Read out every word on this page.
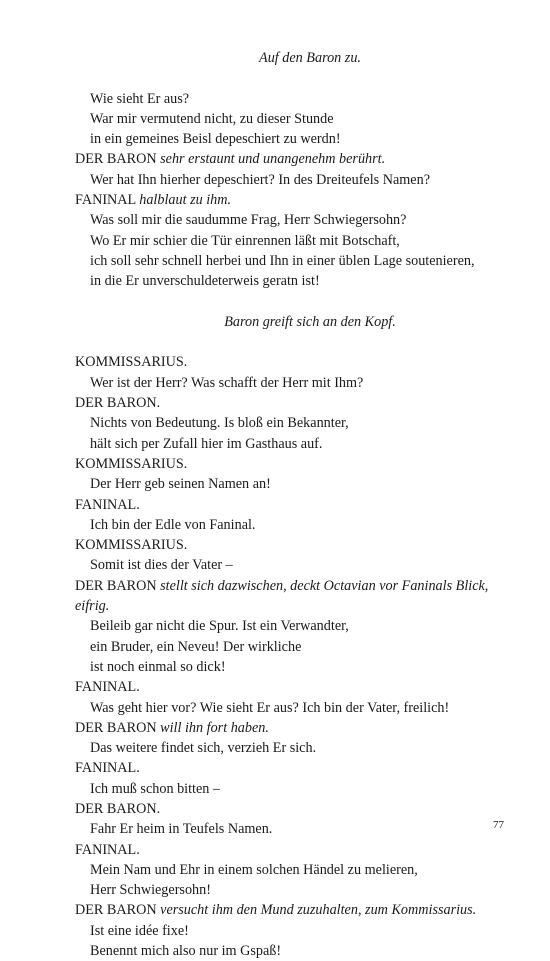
Auf den Baron zu.
Wie sieht Er aus?
War mir vermutend nicht, zu dieser Stunde
in ein gemeines Beisl depeschiert zu werdn!
DER BARON sehr erstaunt und unangenehm berührt.
Wer hat Ihn hierher depeschiert? In des Dreiteufels Namen?
FANINAL halblaut zu ihm.
Was soll mir die saudumme Frag, Herr Schwiegersohn?
Wo Er mir schier die Tür einrennen läßt mit Botschaft,
ich soll sehr schnell herbei und Ihn in einer üblen Lage soutenieren,
in die Er unverschuldeterweis geratn ist!
Baron greift sich an den Kopf.
KOMMISSARIUS.
Wer ist der Herr? Was schafft der Herr mit Ihm?
DER BARON.
Nichts von Bedeutung. Is bloß ein Bekannter,
hält sich per Zufall hier im Gasthaus auf.
KOMMISSARIUS.
Der Herr geb seinen Namen an!
FANINAL.
Ich bin der Edle von Faninal.
KOMMISSARIUS.
Somit ist dies der Vater –
DER BARON stellt sich dazwischen, deckt Octavian vor Faninals Blick, eifrig.
Beileib gar nicht die Spur. Ist ein Verwandter,
ein Bruder, ein Neveu! Der wirkliche
ist noch einmal so dick!
FANINAL.
Was geht hier vor? Wie sieht Er aus? Ich bin der Vater, freilich!
DER BARON will ihn fort haben.
Das weitere findet sich, verzieh Er sich.
FANINAL.
Ich muß schon bitten –
DER BARON.
Fahr Er heim in Teufels Namen.
FANINAL.
Mein Nam und Ehr in einem solchen Händel zu melieren,
Herr Schwiegersohn!
DER BARON versucht ihm den Mund zuzuhalten, zum Kommissarius.
Ist eine idée fixe!
Benennt mich also nur im Gspaß!
77
